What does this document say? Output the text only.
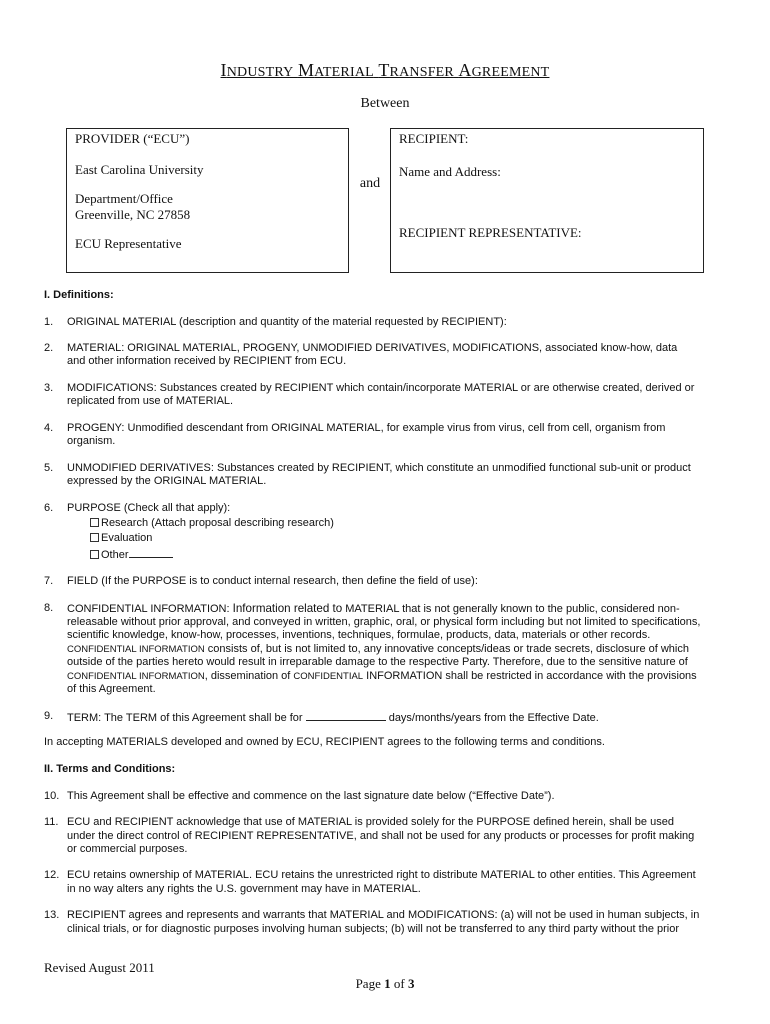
INDUSTRY MATERIAL TRANSFER AGREEMENT
Between
PROVIDER (“ECU”)
East Carolina University
Department/Office
Greenville, NC 27858
ECU Representative
and
RECIPIENT:
Name and Address:
RECIPIENT REPRESENTATIVE:
I. Definitions:
1. ORIGINAL MATERIAL (description and quantity of the material requested by RECIPIENT):
2. MATERIAL: ORIGINAL MATERIAL, PROGENY, UNMODIFIED DERIVATIVES, MODIFICATIONS, associated know-how, data
and other information received by RECIPIENT from ECU.
3. MODIFICATIONS: Substances created by RECIPIENT which contain/incorporate MATERIAL or are otherwise created, derived or
replicated from use of MATERIAL.
4. PROGENY: Unmodified descendant from ORIGINAL MATERIAL, for example virus from virus, cell from cell, organism from
organism.
5. UNMODIFIED DERIVATIVES: Substances created by RECIPIENT, which constitute an unmodified functional sub-unit or product
expressed by the ORIGINAL MATERIAL.
6. PURPOSE (Check all that apply):
Research (Attach proposal describing research)
Evaluation
Other
7. FIELD (If the PURPOSE is to conduct internal research, then define the field of use):
8. CONFIDENTIAL INFORMATION: Information related to MATERIAL that is not generally known to the public, considered non-
releasable without prior approval, and conveyed in written, graphic, oral, or physical form including but not limited to specifications,
scientific knowledge, know-how, processes, inventions, techniques, formulae, products, data, materials or other records.
CONFIDENTIAL INFORMATION consists of, but is not limited to, any innovative concepts/ideas or trade secrets, disclosure of which
outside of the parties hereto would result in irreparable damage to the respective Party. Therefore, due to the sensitive nature of
CONFIDENTIAL INFORMATION, dissemination of CONFIDENTIAL INFORMATION shall be restricted in accordance with the provisions
of this Agreement.
9. TERM: The TERM of this Agreement shall be for	days/months/years from the Effective Date.
In accepting MATERIALS developed and owned by ECU, RECIPIENT agrees to the following terms and conditions.
II. Terms and Conditions:
10. This Agreement shall be effective and commence on the last signature date below (“Effective Date”).
11. ECU and RECIPIENT acknowledge that use of MATERIAL is provided solely for the PURPOSE defined herein, shall be used
under the direct control of RECIPIENT REPRESENTATIVE, and shall not be used for any products or processes for profit making
or commercial purposes.
12. ECU retains ownership of MATERIAL. ECU retains the unrestricted right to distribute MATERIAL to other entities. This Agreement
in no way alters any rights the U.S. government may have in MATERIAL.
13. RECIPIENT agrees and represents and warrants that MATERIAL and MODIFICATIONS: (a) will not be used in human subjects, in
clinical trials, or for diagnostic purposes involving human subjects; (b) will not be transferred to any third party without the prior
Revised August 2011
Page 1 of 3
